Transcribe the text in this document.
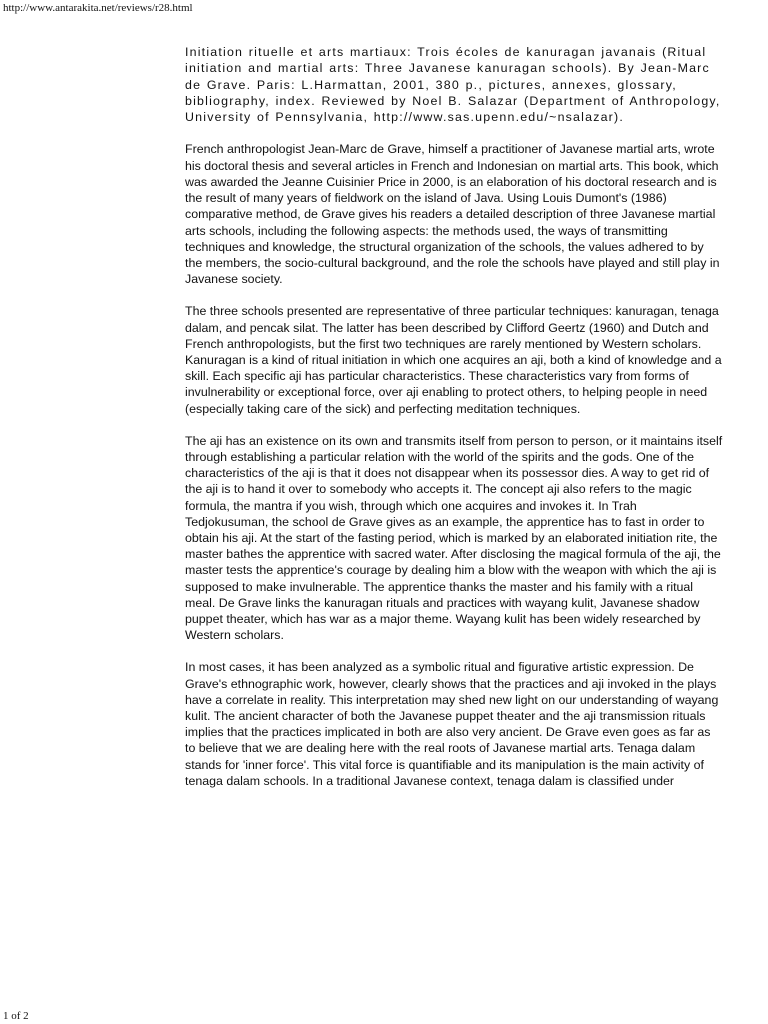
http://www.antarakita.net/reviews/r28.html
Initiation rituelle et arts martiaux: Trois écoles de kanuragan javanais (Ritual initiation and martial arts: Three Javanese kanuragan schools). By Jean-Marc de Grave. Paris: L.Harmattan, 2001, 380 p., pictures, annexes, glossary, bibliography, index. Reviewed by Noel B. Salazar (Department of Anthropology, University of Pennsylvania, http://www.sas.upenn.edu/~nsalazar).

French anthropologist Jean-Marc de Grave, himself a practitioner of Javanese martial arts, wrote his doctoral thesis and several articles in French and Indonesian on martial arts. This book, which was awarded the Jeanne Cuisinier Price in 2000, is an elaboration of his doctoral research and is the result of many years of fieldwork on the island of Java. Using Louis Dumont's (1986) comparative method, de Grave gives his readers a detailed description of three Javanese martial arts schools, including the following aspects: the methods used, the ways of transmitting techniques and knowledge, the structural organization of the schools, the values adhered to by the members, the socio-cultural background, and the role the schools have played and still play in Javanese society.

The three schools presented are representative of three particular techniques: kanuragan, tenaga dalam, and pencak silat. The latter has been described by Clifford Geertz (1960) and Dutch and French anthropologists, but the first two techniques are rarely mentioned by Western scholars. Kanuragan is a kind of ritual initiation in which one acquires an aji, both a kind of knowledge and a skill. Each specific aji has particular characteristics. These characteristics vary from forms of invulnerability or exceptional force, over aji enabling to protect others, to helping people in need (especially taking care of the sick) and perfecting meditation techniques.

The aji has an existence on its own and transmits itself from person to person, or it maintains itself through establishing a particular relation with the world of the spirits and the gods. One of the characteristics of the aji is that it does not disappear when its possessor dies. A way to get rid of the aji is to hand it over to somebody who accepts it. The concept aji also refers to the magic formula, the mantra if you wish, through which one acquires and invokes it. In Trah Tedjokusuman, the school de Grave gives as an example, the apprentice has to fast in order to obtain his aji. At the start of the fasting period, which is marked by an elaborated initiation rite, the master bathes the apprentice with sacred water. After disclosing the magical formula of the aji, the master tests the apprentice's courage by dealing him a blow with the weapon with which the aji is supposed to make invulnerable. The apprentice thanks the master and his family with a ritual meal. De Grave links the kanuragan rituals and practices with wayang kulit, Javanese shadow puppet theater, which has war as a major theme. Wayang kulit has been widely researched by Western scholars.

In most cases, it has been analyzed as a symbolic ritual and figurative artistic expression. De Grave's ethnographic work, however, clearly shows that the practices and aji invoked in the plays have a correlate in reality. This interpretation may shed new light on our understanding of wayang kulit. The ancient character of both the Javanese puppet theater and the aji transmission rituals implies that the practices implicated in both are also very ancient. De Grave even goes as far as to believe that we are dealing here with the real roots of Javanese martial arts. Tenaga dalam stands for 'inner force'. This vital force is quantifiable and its manipulation is the main activity of tenaga dalam schools. In a traditional Javanese context, tenaga dalam is classified under

1 of 2
